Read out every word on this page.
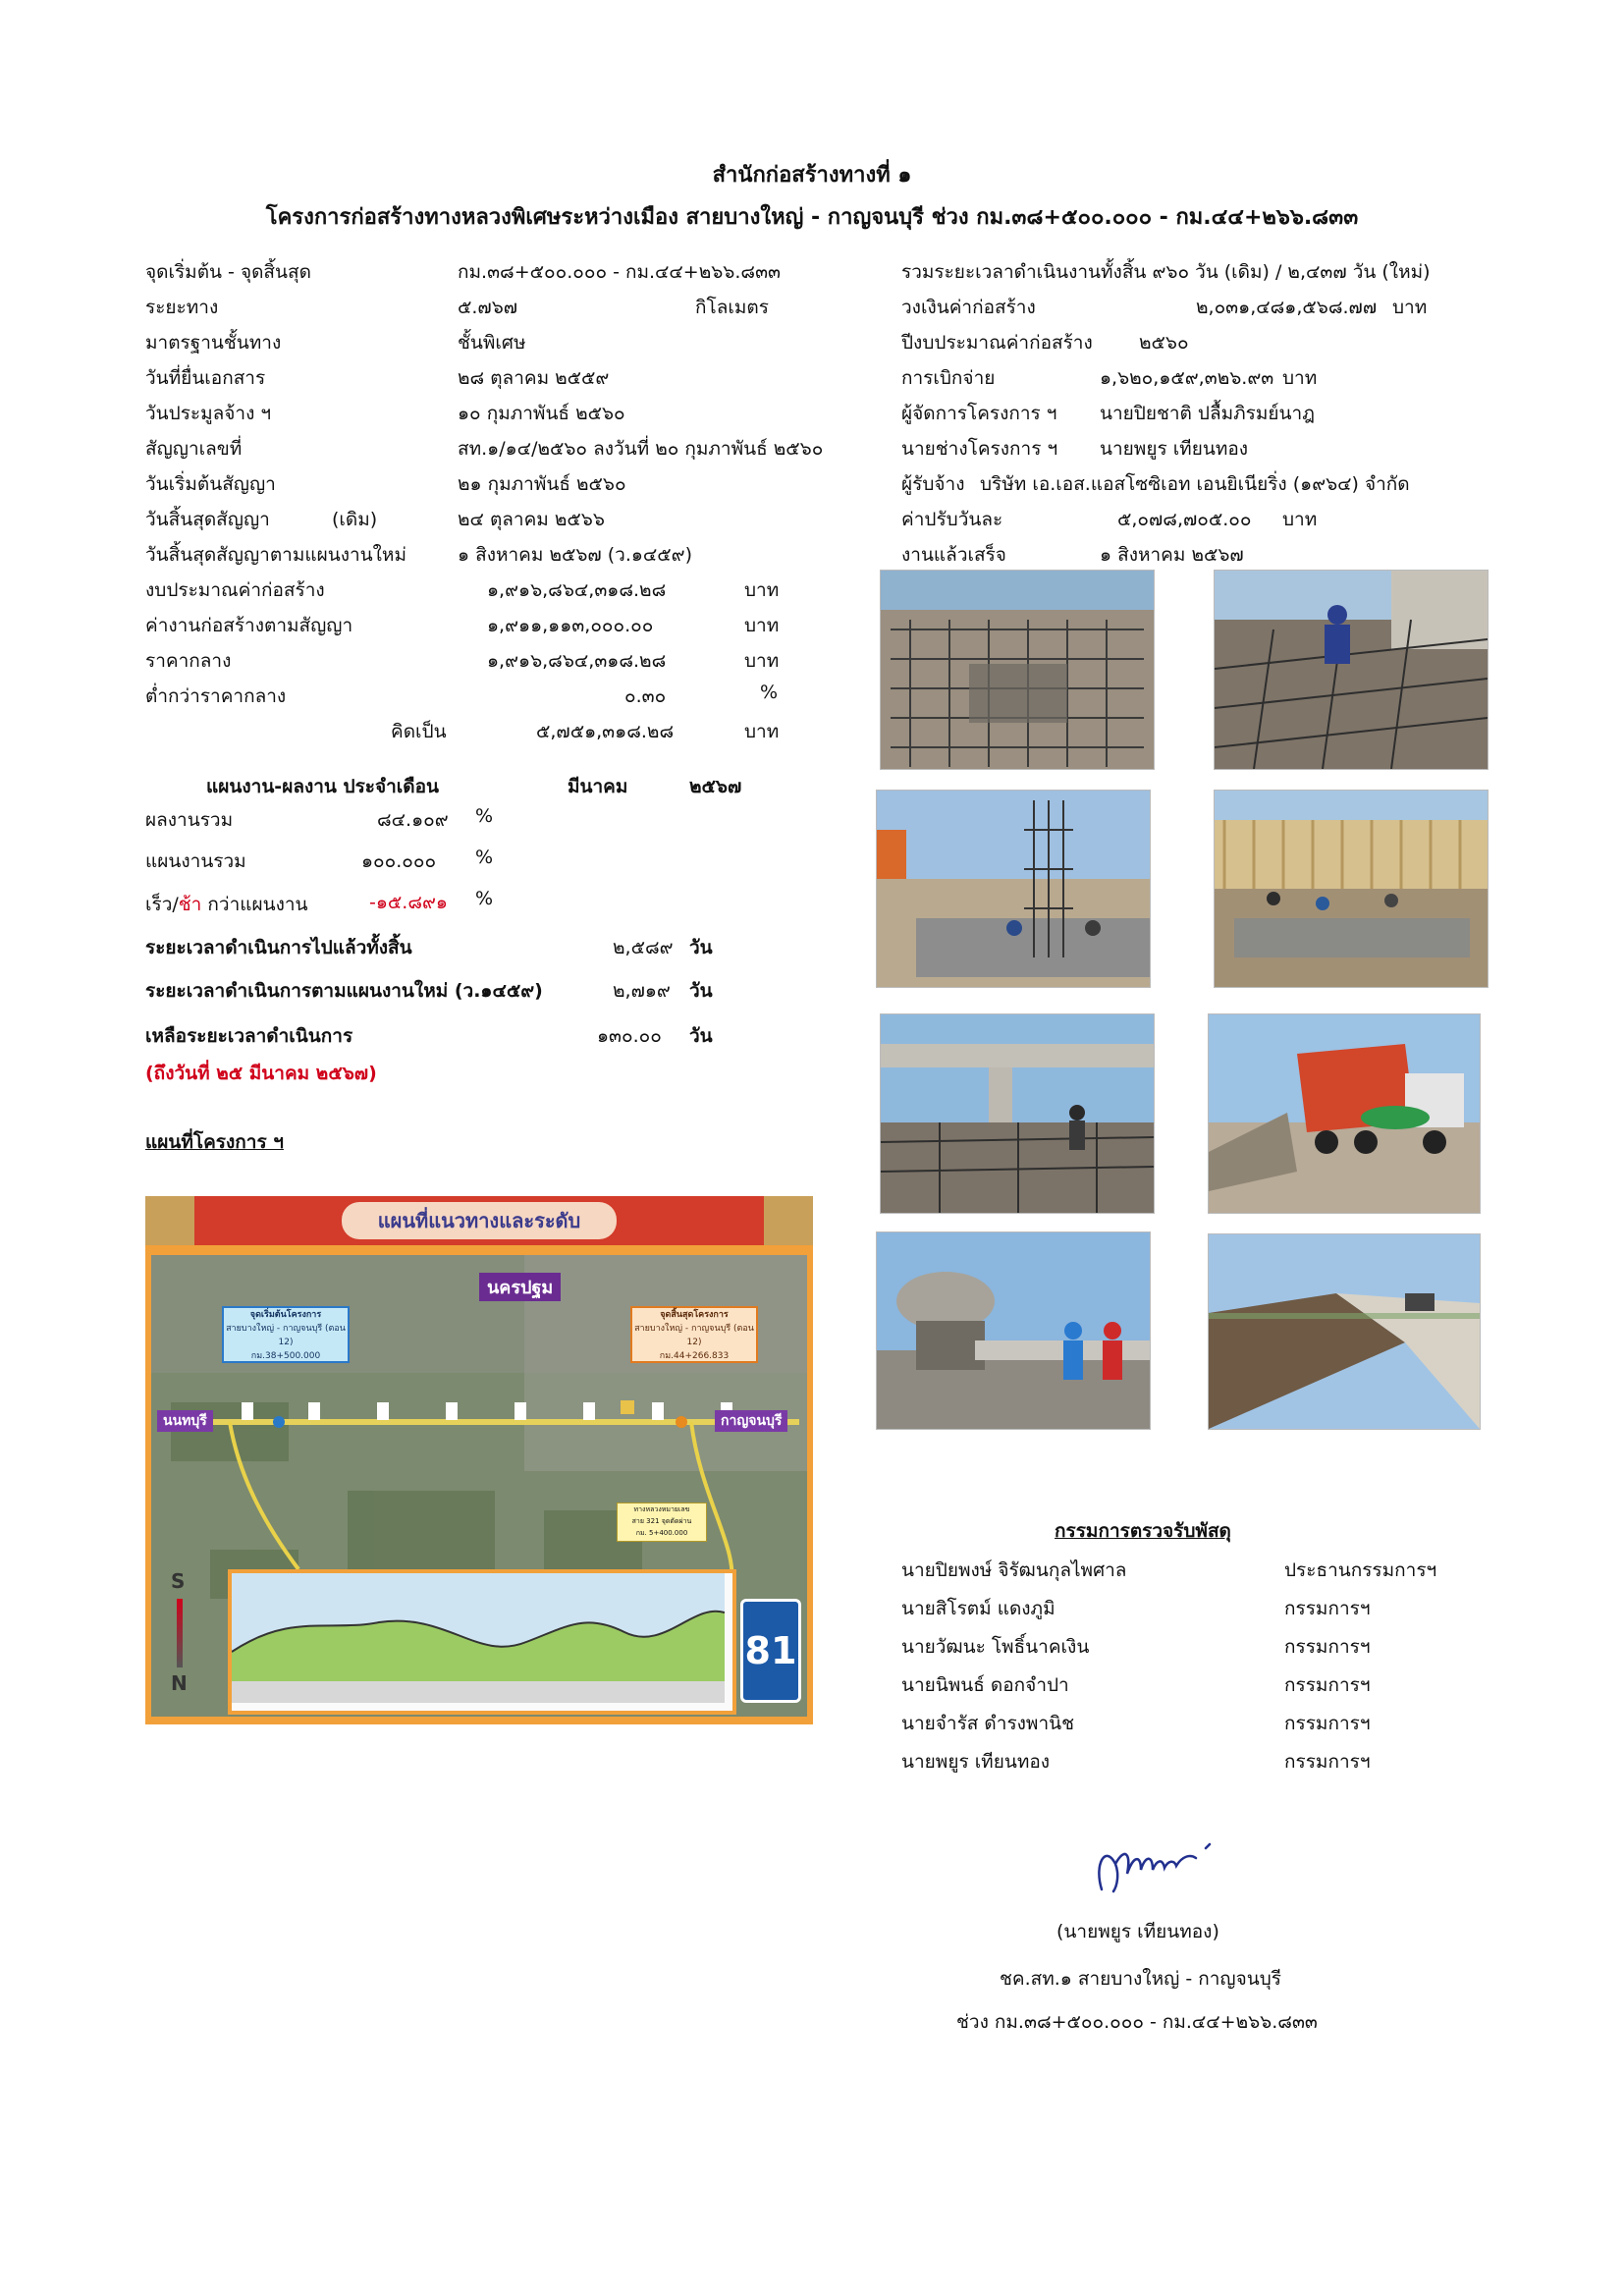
สำนักก่อสร้างทางที่ ๑
โครงการก่อสร้างทางหลวงพิเศษระหว่างเมือง สายบางใหญ่ - กาญจนบุรี ช่วง กม.๓๘+๕๐๐.๐๐๐ - กม.๔๔+๒๖๖.๘๓๓
จุดเริ่มต้น - จุดสิ้นสุด	กม.๓๘+๕๐๐.๐๐๐ - กม.๔๔+๒๖๖.๘๓๓
ระยะทาง	๕.๗๖๗	กิโลเมตร
มาตรฐานชั้นทาง	ชั้นพิเศษ
วันที่ยื่นเอกสาร	๒๘ ตุลาคม ๒๕๕๙
วันประมูลจ้าง ฯ	๑๐ กุมภาพันธ์ ๒๕๖๐
สัญญาเลขที่	สท.๑/๑๔/๒๕๖๐ ลงวันที่ ๒๐ กุมภาพันธ์ ๒๕๖๐
วันเริ่มต้นสัญญา	๒๑ กุมภาพันธ์ ๒๕๖๐
วันสิ้นสุดสัญญา	(เดิม)	๒๔ ตุลาคม ๒๕๖๖
วันสิ้นสุดสัญญาตามแผนงานใหม่	๑ สิงหาคม ๒๕๖๗ (ว.๑๔๕๙)
งบประมาณค่าก่อสร้าง	๑,๙๑๖,๘๖๔,๓๑๘.๒๘	บาท
ค่างานก่อสร้างตามสัญญา	๑,๙๑๑,๑๑๓,๐๐๐.๐๐	บาท
ราคากลาง	๑,๙๑๖,๘๖๔,๓๑๘.๒๘	บาท
ต่ำกว่าราคากลาง	๐.๓๐	%
คิดเป็น	๕,๗๕๑,๓๑๘.๒๘	บาท
แผนงาน-ผลงาน ประจำเดือน	มีนาคม	๒๕๖๗
ผลงานรวม	๘๔.๑๐๙ %
แผนงานรวม	๑๐๐.๐๐๐ %
เร็ว/ช้า กว่าแผนงาน	-๑๕.๘๙๑ %
ระยะเวลาดำเนินการไปแล้วทั้งสิ้น	๒,๕๘๙ วัน
ระยะเวลาดำเนินการตามแผนงานใหม่ (ว.๑๔๕๙)	๒,๗๑๙ วัน
เหลือระยะเวลาดำเนินการ	๑๓๐.๐๐ วัน
(ถึงวันที่ ๒๕ มีนาคม ๒๕๖๗)
แผนที่โครงการ ฯ
รวมระยะเวลาดำเนินงานทั้งสิ้น ๙๖๐ วัน (เดิม) / ๒,๔๓๗ วัน (ใหม่)
วงเงินค่าก่อสร้าง	๒,๐๓๑,๔๘๑,๕๖๘.๗๗ บาท
ปีงบประมาณค่าก่อสร้าง ๒๕๖๐
การเบิกจ่าย	๑,๖๒๐,๑๕๙,๓๒๖.๙๓ บาท
ผู้จัดการโครงการ ฯ นายปิยชาติ ปลื้มภิรมย์นาฎ
นายช่างโครงการ ฯ นายพยูร เทียนทอง
ผู้รับจ้าง บริษัท เอ.เอส.แอสโซซิเอท เอนยิเนียริ่ง (๑๙๖๔) จำกัด
ค่าปรับวันละ	๕,๐๗๘,๗๐๕.๐๐ บาท
งานแล้วเสร็จ	๑ สิงหาคม ๒๕๖๗
แผนที่แนวทางและระดับ
นครปฐม
จุดเริ่มต้นโครงการ
สายบางใหญ่ - กาญจนบุรี (ตอน 12)
กม.38+500.000
จุดสิ้นสุดโครงการ
สายบางใหญ่ - กาญจนบุรี (ตอน 12)
กม.44+266.833
นนทบุรี	กาญจนบุรี
ทางหลวงหมายเลข
สาย 321 จุดตัดผ่าน
กม. 5+400.000
81
S
N
กรรมการตรวจรับพัสดุ
นายปิยพงษ์ จิรัฒนกุลไพศาล	ประธานกรรมการฯ
นายสิโรตม์ แดงภูมิ	กรรมการฯ
นายวัฒนะ โพธิ์นาคเงิน	กรรมการฯ
นายนิพนธ์ ดอกจำปา	กรรมการฯ
นายจำรัส ดำรงพานิช	กรรมการฯ
นายพยูร เทียนทอง	กรรมการฯ
(นายพยูร เทียนทอง)
ชค.สท.๑ สายบางใหญ่ - กาญจนบุรี
ช่วง กม.๓๘+๕๐๐.๐๐๐ - กม.๔๔+๒๖๖.๘๓๓
